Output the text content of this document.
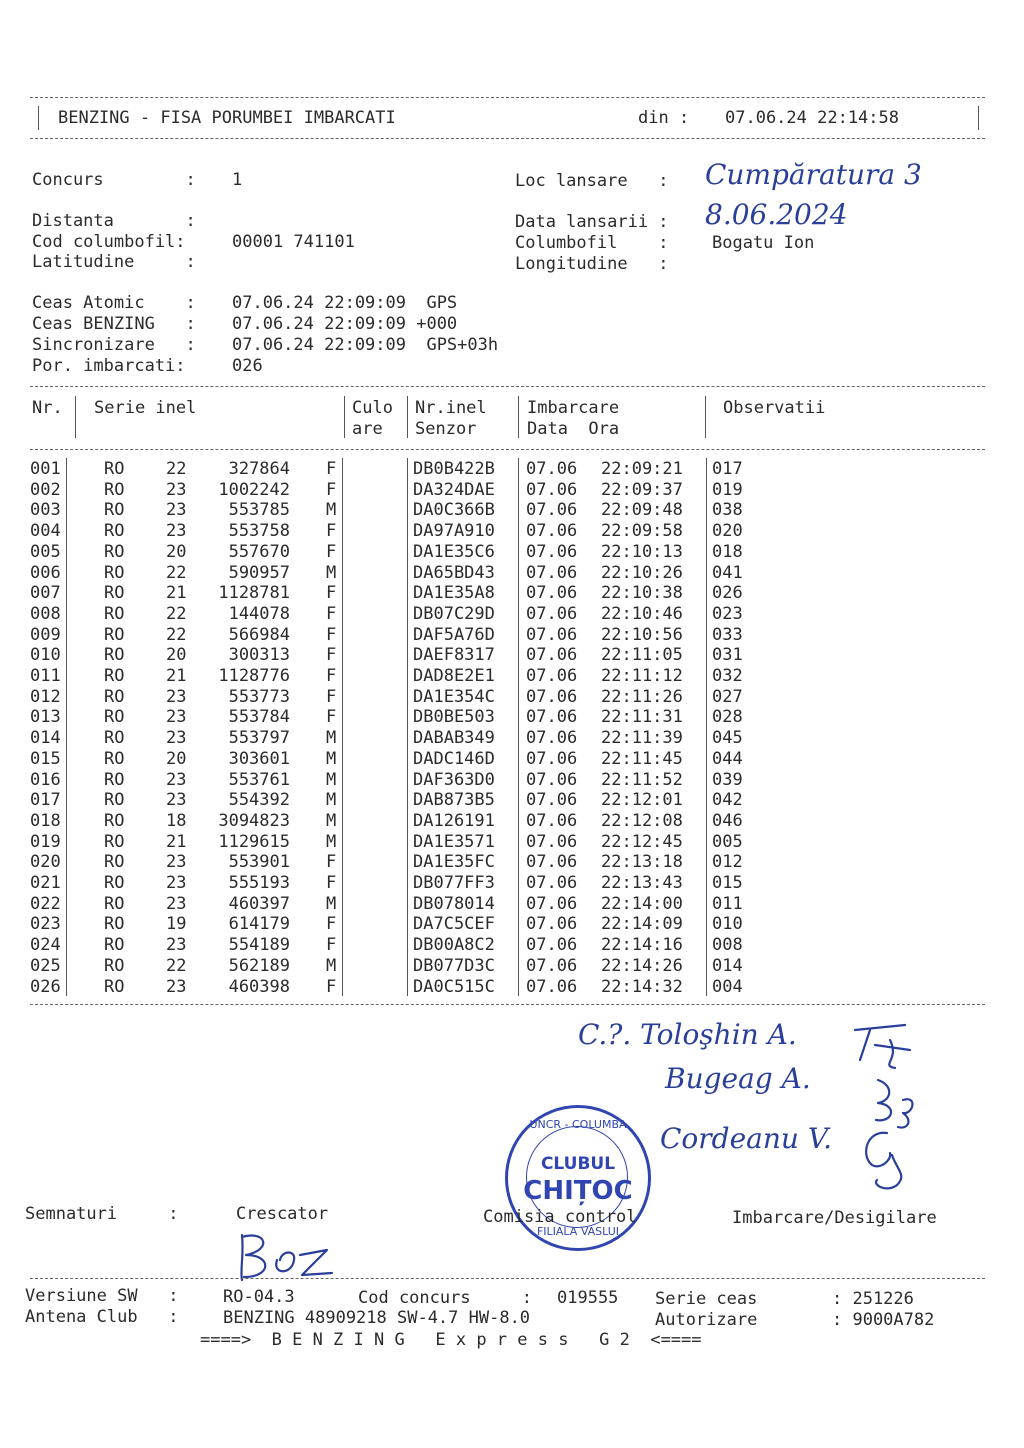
BENZING - FISA PORUMBEI IMBARCATI	din : 07.06.24 22:14:58
Concurs        : 1	Loc lansare   : Cumpăratura 3
Distanta       :	Data lansarii : 8.06.2024
Cod columbofil:	00001 741101	Columbofil    :	Bogatu Ion
Latitudine     :	Longitudine   :
Ceas Atomic    : 07.06.24 22:09:09  GPS
Ceas BENZING   : 07.06.24 22:09:09 +000
Sincronizare   : 07.06.24 22:09:09  GPS+03h
Por. imbarcati:	026
Nr. Serie inel	Culo
are
Nr.inel
Senzor
Imbarcare
Data  Ora
Observatii
001	RO 22 327864 F	DB0B422B 07.06 22:09:21 017
002	RO 23 1002242 F	DA324DAE 07.06 22:09:37 019
003	RO 23 553785 M	DA0C366B 07.06 22:09:48 038
004	RO 23 553758 F	DA97A910 07.06 22:09:58 020
005	RO 20 557670 F	DA1E35C6 07.06 22:10:13 018
006	RO 22 590957 M	DA65BD43 07.06 22:10:26 041
007	RO 21 1128781 F	DA1E35A8 07.06 22:10:38 026
008	RO 22 144078 F	DB07C29D 07.06 22:10:46 023
009	RO 22 566984 F	DAF5A76D 07.06 22:10:56 033
010	RO 20 300313 F	DAEF8317 07.06 22:11:05 031
011	RO 21 1128776 F	DAD8E2E1 07.06 22:11:12 032
012	RO 23 553773 F	DA1E354C 07.06 22:11:26 027
013	RO 23 553784 F	DB0BE503 07.06 22:11:31 028
014	RO 23 553797 M	DABAB349 07.06 22:11:39 045
015	RO 20 303601 M	DADC146D 07.06 22:11:45 044
016	RO 23 553761 M	DAF363D0 07.06 22:11:52 039
017	RO 23 554392 M	DAB873B5 07.06 22:12:01 042
018	RO 18 3094823 M	DA126191 07.06 22:12:08 046
019	RO 21 1129615 M	DA1E3571 07.06 22:12:45 005
020	RO 23 553901 F	DA1E35FC 07.06 22:13:18 012
021	RO 23 555193 F	DB077FF3 07.06 22:13:43 015
022	RO 23 460397 M	DB078014 07.06 22:14:00 011
023	RO 19 614179 F	DA7C5CEF 07.06 22:14:09 010
024	RO 23 554189 F	DB00A8C2 07.06 22:14:16 008
025	RO 22 562189 M	DB077D3C 07.06 22:14:26 014
026	RO 23 460398 F	DA0C515C 07.06 22:14:32 004
C.?. Toloşhin A.
Bugeag A.
Cordeanu V.
UNCR - COLUMBA
CLUBUL
CHIȚOC
FILIALA VASLUI
Semnaturi     :	Crescator	Comisia control	Imbarcare/Desigilare
Versiune SW   :	RO-04.3	Cod concurs     : 019555 Serie ceas	: 251226
Antena Club   :	BENZING 48909218 SW-4.7 HW-8.0	Autorizare	: 9000A782
====>  B E N Z I N G   E x p r e s s   G 2  <====
